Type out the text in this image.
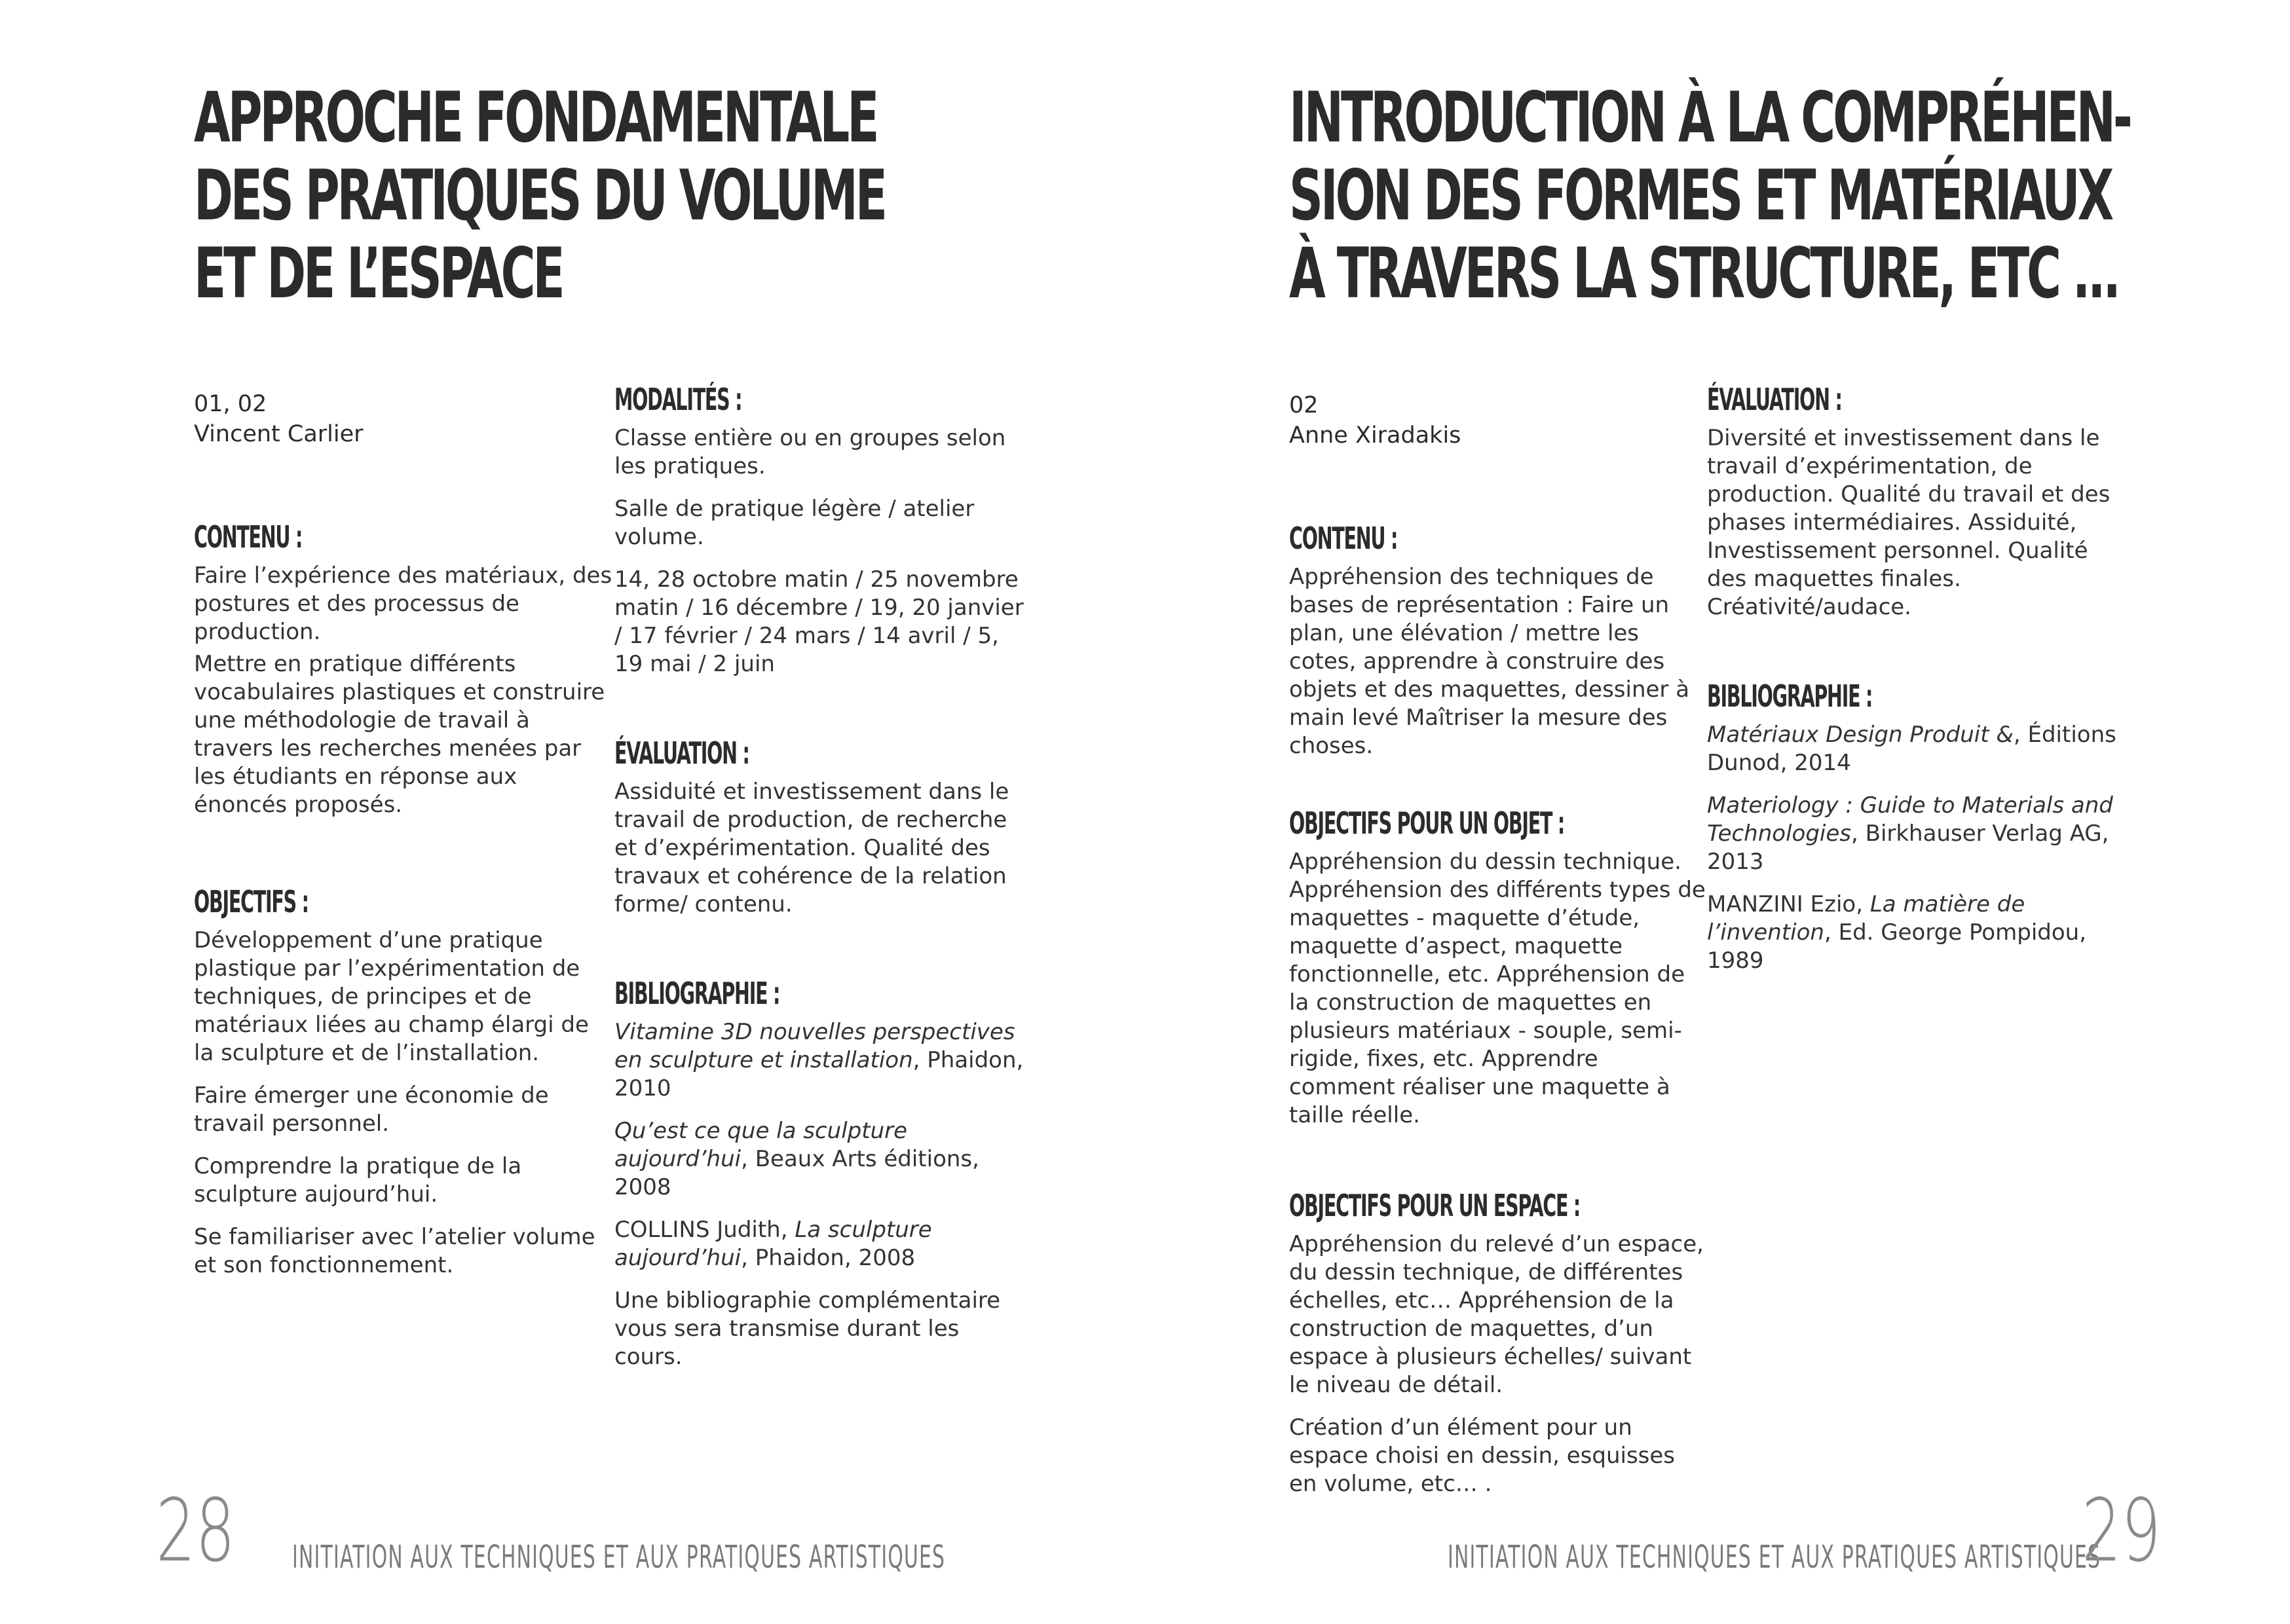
APPROCHE FONDAMENTALE
DES PRATIQUES DU VOLUME
ET DE L’ESPACE
01, 02
Vincent Carlier
CONTENU :

Faire l’expérience des matériaux, des postures et des processus de production.

Mettre en pratique différents vocabulaires plastiques et construire une méthodologie de travail à travers les recherches menées par les étudiants en réponse aux énoncés proposés.

OBJECTIFS :

Développement d’une pratique plastique par l’expérimentation de techniques, de principes et de matériaux liées au champ élargi de la sculpture et de l’installation.

Faire émerger une économie de travail personnel.

Comprendre la pratique de la sculpture aujourd’hui.

Se familiariser avec l’atelier volume et son fonctionnement.

MODALITÉS :

Classe entière ou en groupes selon les pratiques.

Salle de pratique légère / atelier volume.

14, 28 octobre matin / 25 novembre matin / 16 décembre / 19, 20 janvier / 17 février / 24 mars / 14 avril / 5, 19 mai / 2 juin

ÉVALUATION :

Assiduité et investissement dans le travail de production, de recherche et d’expérimentation. Qualité des travaux et cohérence de la relation forme/ contenu.

BIBLIOGRAPHIE :

Vitamine 3D nouvelles perspectives en sculpture et installation, Phaidon, 2010

Qu’est ce que la sculpture aujourd’hui, Beaux Arts éditions, 2008

COLLINS Judith, La sculpture aujourd’hui, Phaidon, 2008

Une bibliographie complémentaire vous sera transmise durant les cours.

28 INITIATION AUX TECHNIQUES ET AUX PRATIQUES ARTISTIQUES
INTRODUCTION À LA COMPRÉHEN-
SION DES FORMES ET MATÉRIAUX
À TRAVERS LA STRUCTURE, ETC ...
02
Anne Xiradakis
CONTENU :

Appréhension des techniques de bases de représentation : Faire un plan, une élévation / mettre les cotes, apprendre à construire des objets et des maquettes, dessiner à main levé Maîtriser la mesure des choses.

OBJECTIFS POUR UN OBJET :

Appréhension du dessin technique. Appréhension des différents types de maquettes - maquette d’étude, maquette d’aspect, maquette fonctionnelle, etc. Appréhension de la construction de maquettes en plusieurs matériaux - souple, semi-rigide, fixes, etc. Apprendre comment réaliser une maquette à taille réelle.

OBJECTIFS POUR UN ESPACE :

Appréhension du relevé d’un espace, du dessin technique, de différentes échelles, etc… Appréhension de la construction de maquettes, d’un espace à plusieurs échelles/ suivant le niveau de détail.

Création d’un élément pour un espace choisi en dessin, esquisses en volume, etc… .

ÉVALUATION :

Diversité et investissement dans le travail d’expérimentation, de production. Qualité du travail et des phases intermédiaires. Assiduité, Investissement personnel. Qualité des maquettes finales. Créativité/audace.

BIBLIOGRAPHIE :

Matériaux Design Produit &, Éditions Dunod, 2014

Materiology : Guide to Materials and Technologies, Birkhauser Verlag AG, 2013

MANZINI Ezio, La matière de l’invention, Ed. George Pompidou, 1989

INITIATION AUX TECHNIQUES ET AUX PRATIQUES ARTISTIQUES
29
